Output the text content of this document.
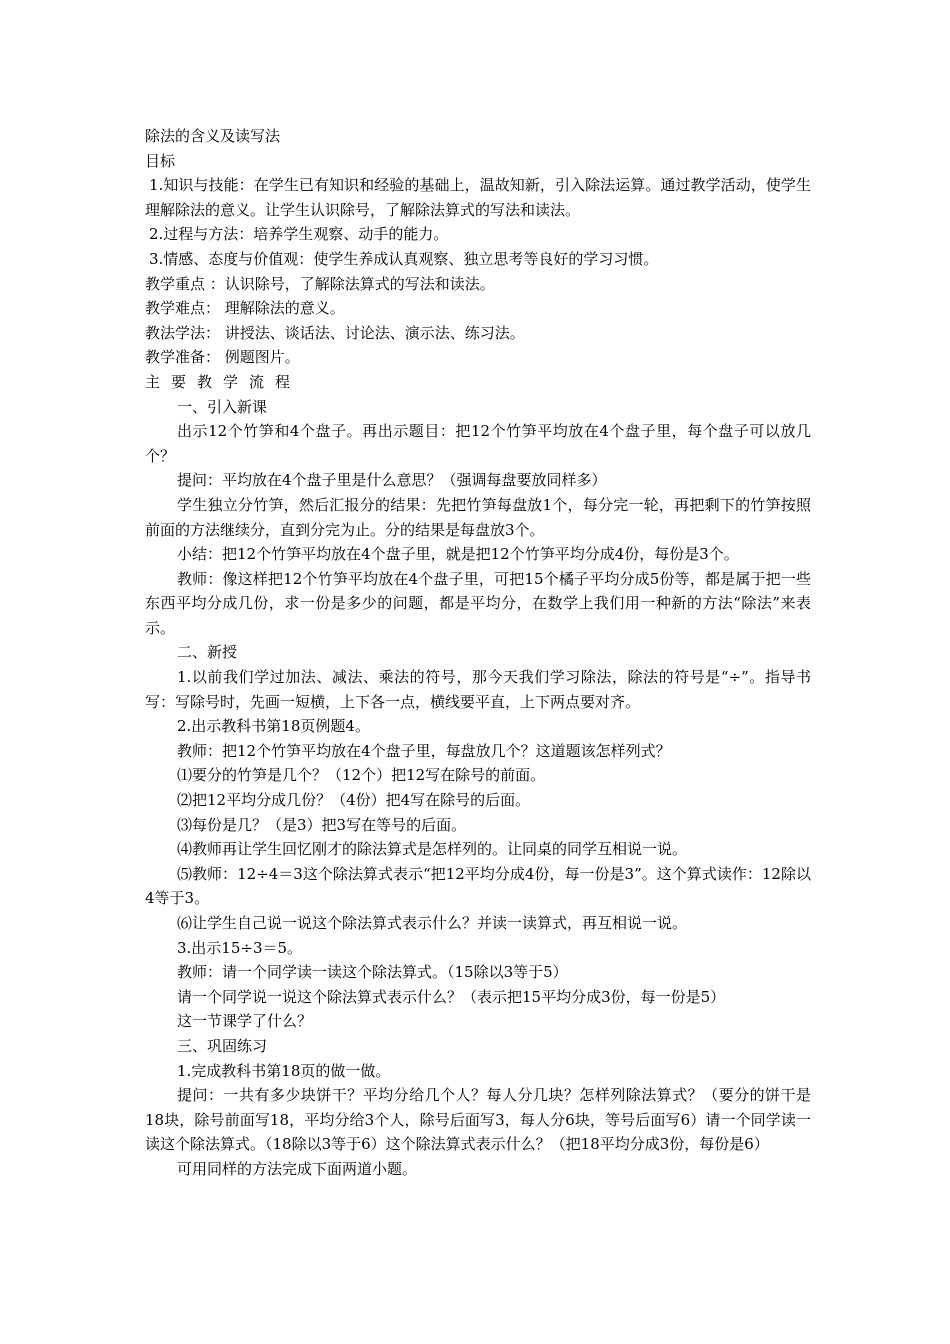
除法的含义及读写法

目标

1.知识与技能：在学生已有知识和经验的基础上，温故知新，引入除法运算。通过教学活动，使学生理解除法的意义。让学生认识除号，了解除法算式的写法和读法。

2.过程与方法：培养学生观察、动手的能力。

3.情感、态度与价值观：使学生养成认真观察、独立思考等良好的学习习惯。

教学重点 ：认识除号，了解除法算式的写法和读法。

教学难点： 理解除法的意义。

教法学法： 讲授法、谈话法、讨论法、演示法、练习法。

教学准备： 例题图片。

主要教学流程

一、引入新课

出示12个竹笋和4个盘子。再出示题目：把12个竹笋平均放在4个盘子里，每个盘子可以放几个？

提问：平均放在4个盘子里是什么意思？（强调每盘要放同样多）

学生独立分竹笋，然后汇报分的结果：先把竹笋每盘放1个，每分完一轮，再把剩下的竹笋按照前面的方法继续分，直到分完为止。分的结果是每盘放3个。

小结：把12个竹笋平均放在4个盘子里，就是把12个竹笋平均分成4份，每份是3个。

教师：像这样把12个竹笋平均放在4个盘子里，可把15个橘子平均分成5份等，都是属于把一些东西平均分成几份，求一份是多少的问题，都是平均分，在数学上我们用一种新的方法“除法”来表示。

二、新授

1.以前我们学过加法、减法、乘法的符号，那今天我们学习除法，除法的符号是“÷”。指导书写：写除号时，先画一短横，上下各一点，横线要平直，上下两点要对齐。

2.出示教科书第18页例题4。

教师：把12个竹笋平均放在4个盘子里，每盘放几个？这道题该怎样列式？

⑴要分的竹笋是几个？（12个）把12写在除号的前面。

⑵把12平均分成几份？（4份）把4写在除号的后面。

⑶每份是几？（是3）把3写在等号的后面。

⑷教师再让学生回忆刚才的除法算式是怎样列的。让同桌的同学互相说一说。

⑸教师：12÷4＝3这个除法算式表示“把12平均分成4份，每一份是3”。这个算式读作：12除以4等于3。

⑹让学生自己说一说这个除法算式表示什么？并读一读算式，再互相说一说。

3.出示15÷3＝5。

教师：请一个同学读一读这个除法算式。（15除以3等于5）

请一个同学说一说这个除法算式表示什么？（表示把15平均分成3份，每一份是5）

这一节课学了什么？

三、巩固练习

1.完成教科书第18页的做一做。

提问：一共有多少块饼干？平均分给几个人？每人分几块？怎样列除法算式？（要分的饼干是18块，除号前面写18，平均分给3个人，除号后面写3，每人分6块，等号后面写6）请一个同学读一读这个除法算式。（18除以3等于6）这个除法算式表示什么？（把18平均分成3份，每份是6）

可用同样的方法完成下面两道小题。
